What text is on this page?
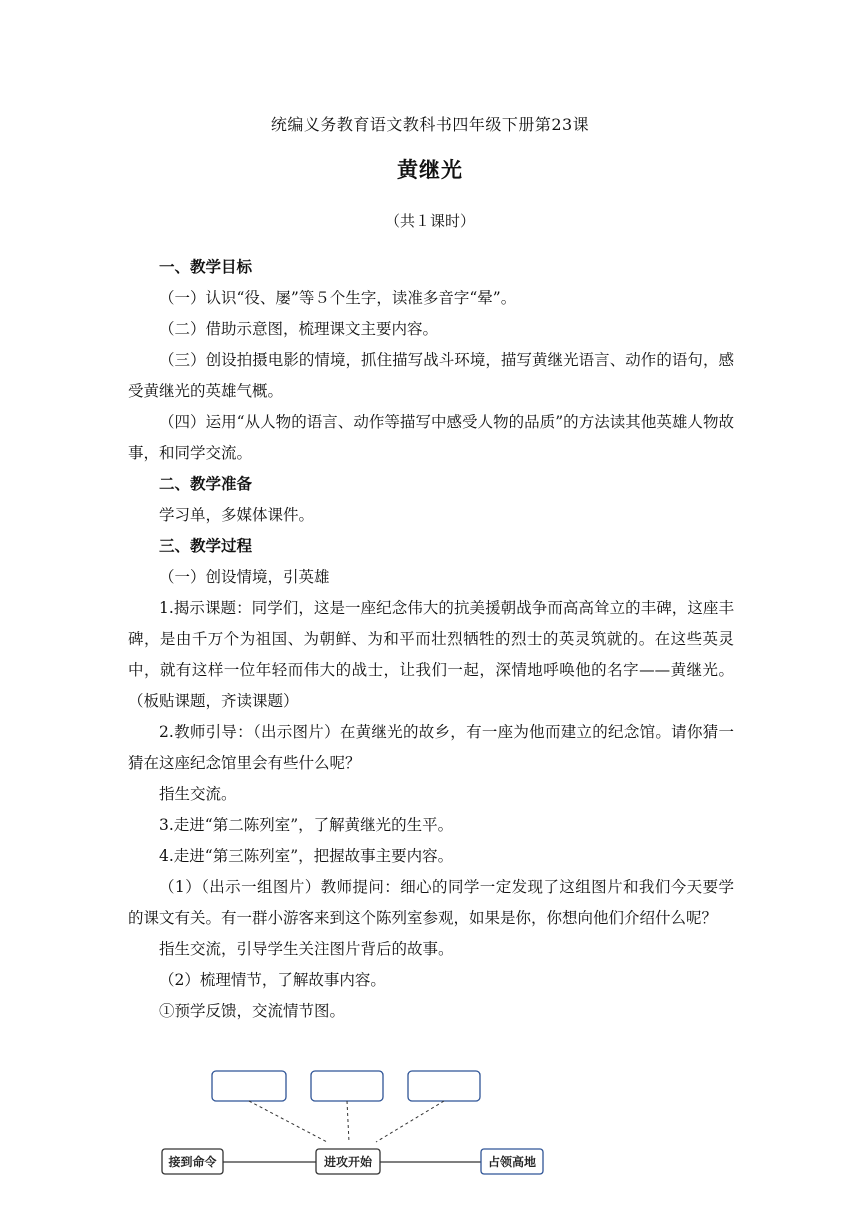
统编义务教育语文教科书四年级下册第23课
黄继光
（共１课时）

一、教学目标

（一）认识“役、屡”等５个生字，读准多音字“晕”。

（二）借助示意图，梳理课文主要内容。

（三）创设拍摄电影的情境，抓住描写战斗环境，描写黄继光语言、动作的语句，感受黄继光的英雄气概。

（四）运用“从人物的语言、动作等描写中感受人物的品质”的方法读其他英雄人物故事，和同学交流。

二、教学准备

学习单，多媒体课件。

三、教学过程

（一）创设情境，引英雄

1.揭示课题：同学们，这是一座纪念伟大的抗美援朝战争而高高耸立的丰碑，这座丰碑，是由千万个为祖国、为朝鲜、为和平而壮烈牺牲的烈士的英灵筑就的。在这些英灵中，就有这样一位年轻而伟大的战士，让我们一起，深情地呼唤他的名字——黄继光。（板贴课题，齐读课题）

2.教师引导：（出示图片）在黄继光的故乡，有一座为他而建立的纪念馆。请你猜一猜在这座纪念馆里会有些什么呢？

指生交流。

3.走进“第二陈列室”，了解黄继光的生平。

4.走进“第三陈列室”，把握故事主要内容。

（1）（出示一组图片）教师提问：细心的同学一定发现了这组图片和我们今天要学的课文有关。有一群小游客来到这个陈列室参观，如果是你，你想向他们介绍什么呢？

指生交流，引导学生关注图片背后的故事。

（2）梳理情节，了解故事内容。

①预学反馈，交流情节图。

接到命令	进攻开始	占领高地
